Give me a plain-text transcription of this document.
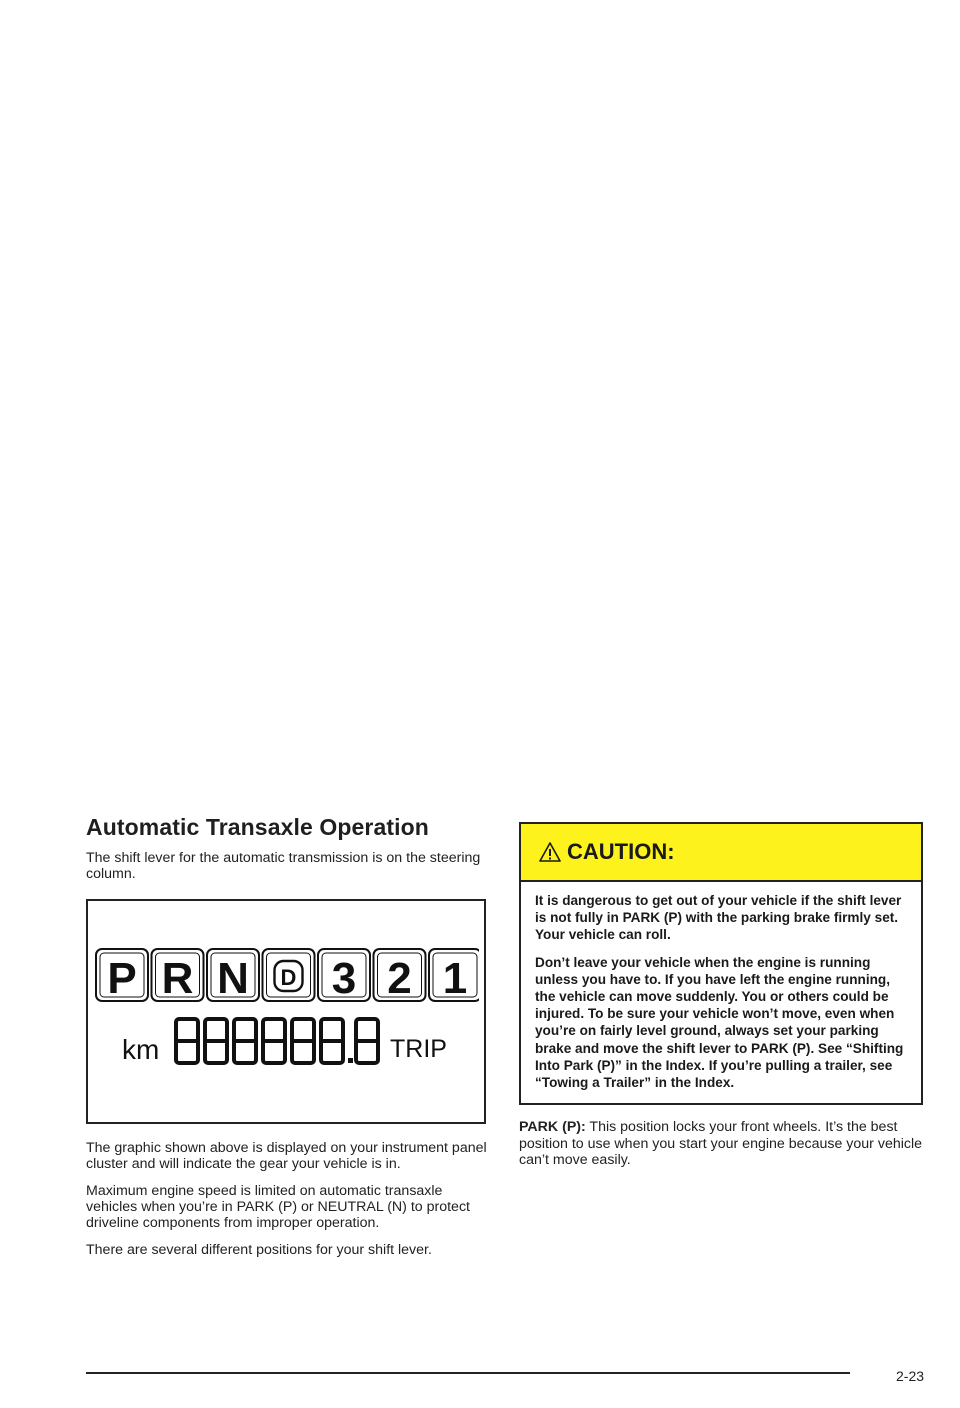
Automatic Transaxle Operation

The shift lever for the automatic transmission is on the steering column.

P R N D 3 2 1
km	TRIP

The graphic shown above is displayed on your instrument panel cluster and will indicate the gear your vehicle is in.

Maximum engine speed is limited on automatic transaxle vehicles when you’re in PARK (P) or NEUTRAL (N) to protect driveline components from improper operation.

There are several different positions for your shift lever.

CAUTION:

It is dangerous to get out of your vehicle if the shift lever is not fully in PARK (P) with the parking brake firmly set. Your vehicle can roll.

Don’t leave your vehicle when the engine is running unless you have to. If you have left the engine running, the vehicle can move suddenly. You or others could be injured. To be sure your vehicle won’t move, even when you’re on fairly level ground, always set your parking brake and move the shift lever to PARK (P). See “Shifting Into Park (P)” in the Index. If you’re pulling a trailer, see “Towing a Trailer” in the Index.

PARK (P): This position locks your front wheels. It’s the best position to use when you start your engine because your vehicle can’t move easily.

2-23
